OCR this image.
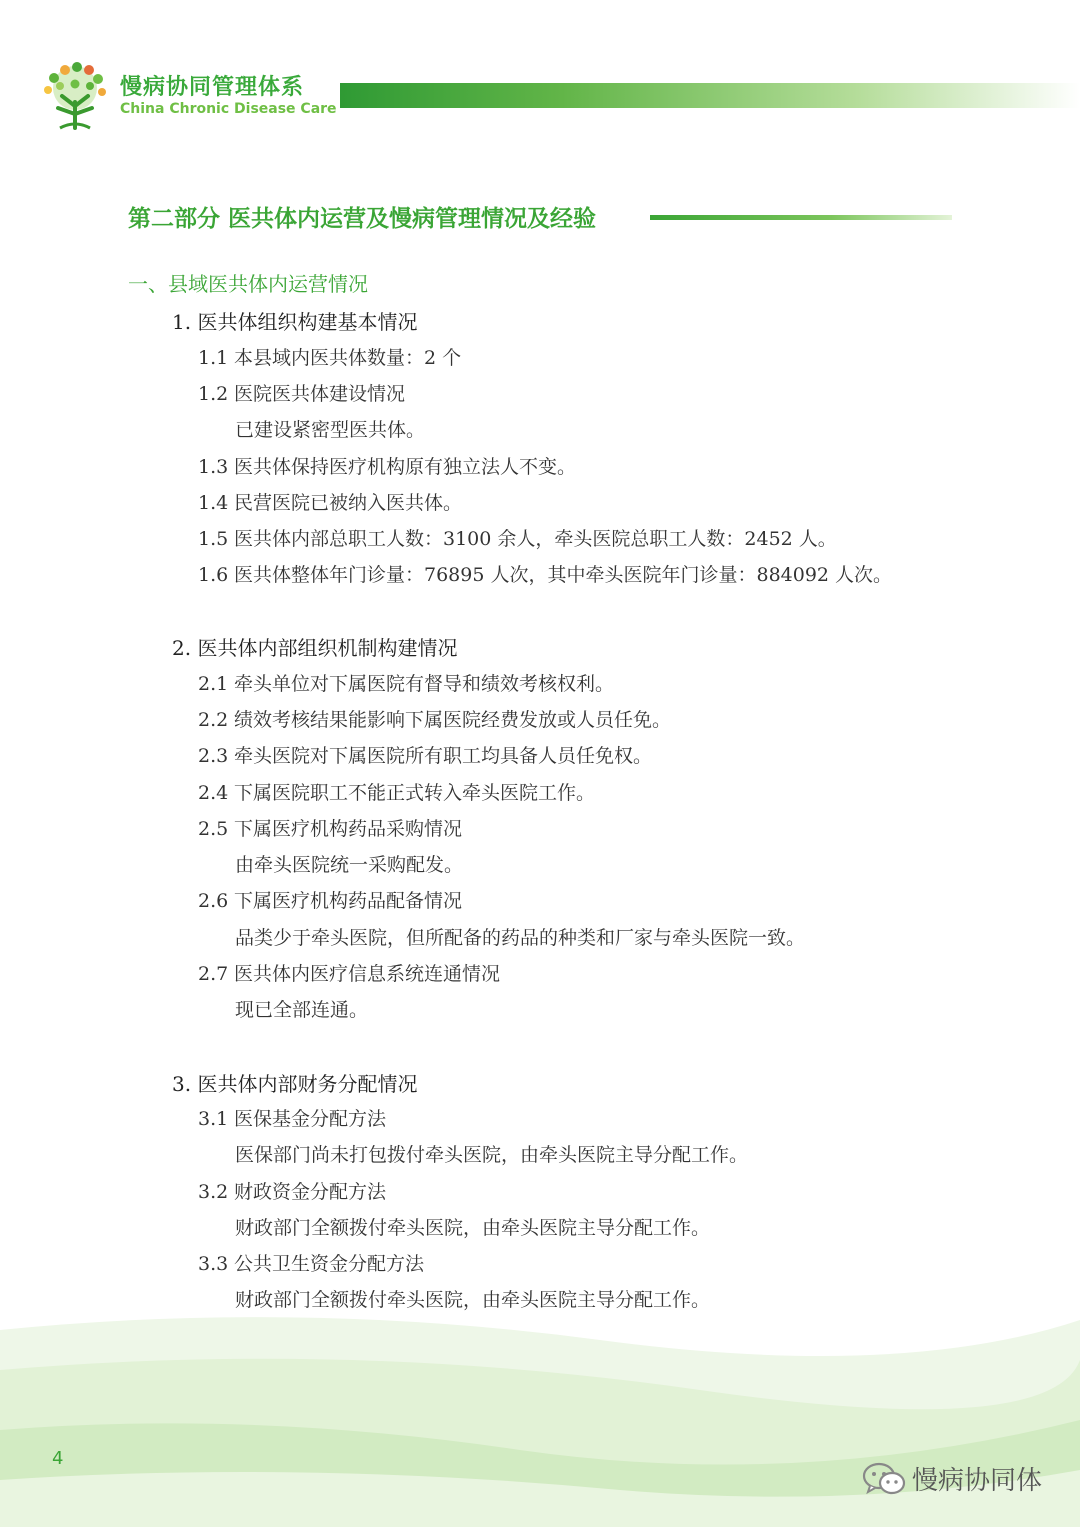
慢病协同管理体系
China Chronic Disease Care
第二部分 医共体内运营及慢病管理情况及经验
一、县域医共体内运营情况
1. 医共体组织构建基本情况
1.1 本县域内医共体数量：2 个
1.2 医院医共体建设情况
已建设紧密型医共体。
1.3 医共体保持医疗机构原有独立法人不变。
1.4 民营医院已被纳入医共体。
1.5 医共体内部总职工人数：3100 余人，牵头医院总职工人数：2452 人。
1.6 医共体整体年门诊量：76895 人次，其中牵头医院年门诊量：884092 人次。
2. 医共体内部组织机制构建情况
2.1 牵头单位对下属医院有督导和绩效考核权利。
2.2 绩效考核结果能影响下属医院经费发放或人员任免。
2.3 牵头医院对下属医院所有职工均具备人员任免权。
2.4 下属医院职工不能正式转入牵头医院工作。
2.5 下属医疗机构药品采购情况
由牵头医院统一采购配发。
2.6 下属医疗机构药品配备情况
品类少于牵头医院，但所配备的药品的种类和厂家与牵头医院一致。
2.7 医共体内医疗信息系统连通情况
现已全部连通。
3. 医共体内部财务分配情况
3.1 医保基金分配方法
医保部门尚未打包拨付牵头医院，由牵头医院主导分配工作。
3.2 财政资金分配方法
财政部门全额拨付牵头医院，由牵头医院主导分配工作。
3.3 公共卫生资金分配方法
财政部门全额拨付牵头医院，由牵头医院主导分配工作。
4
慢病协同体
